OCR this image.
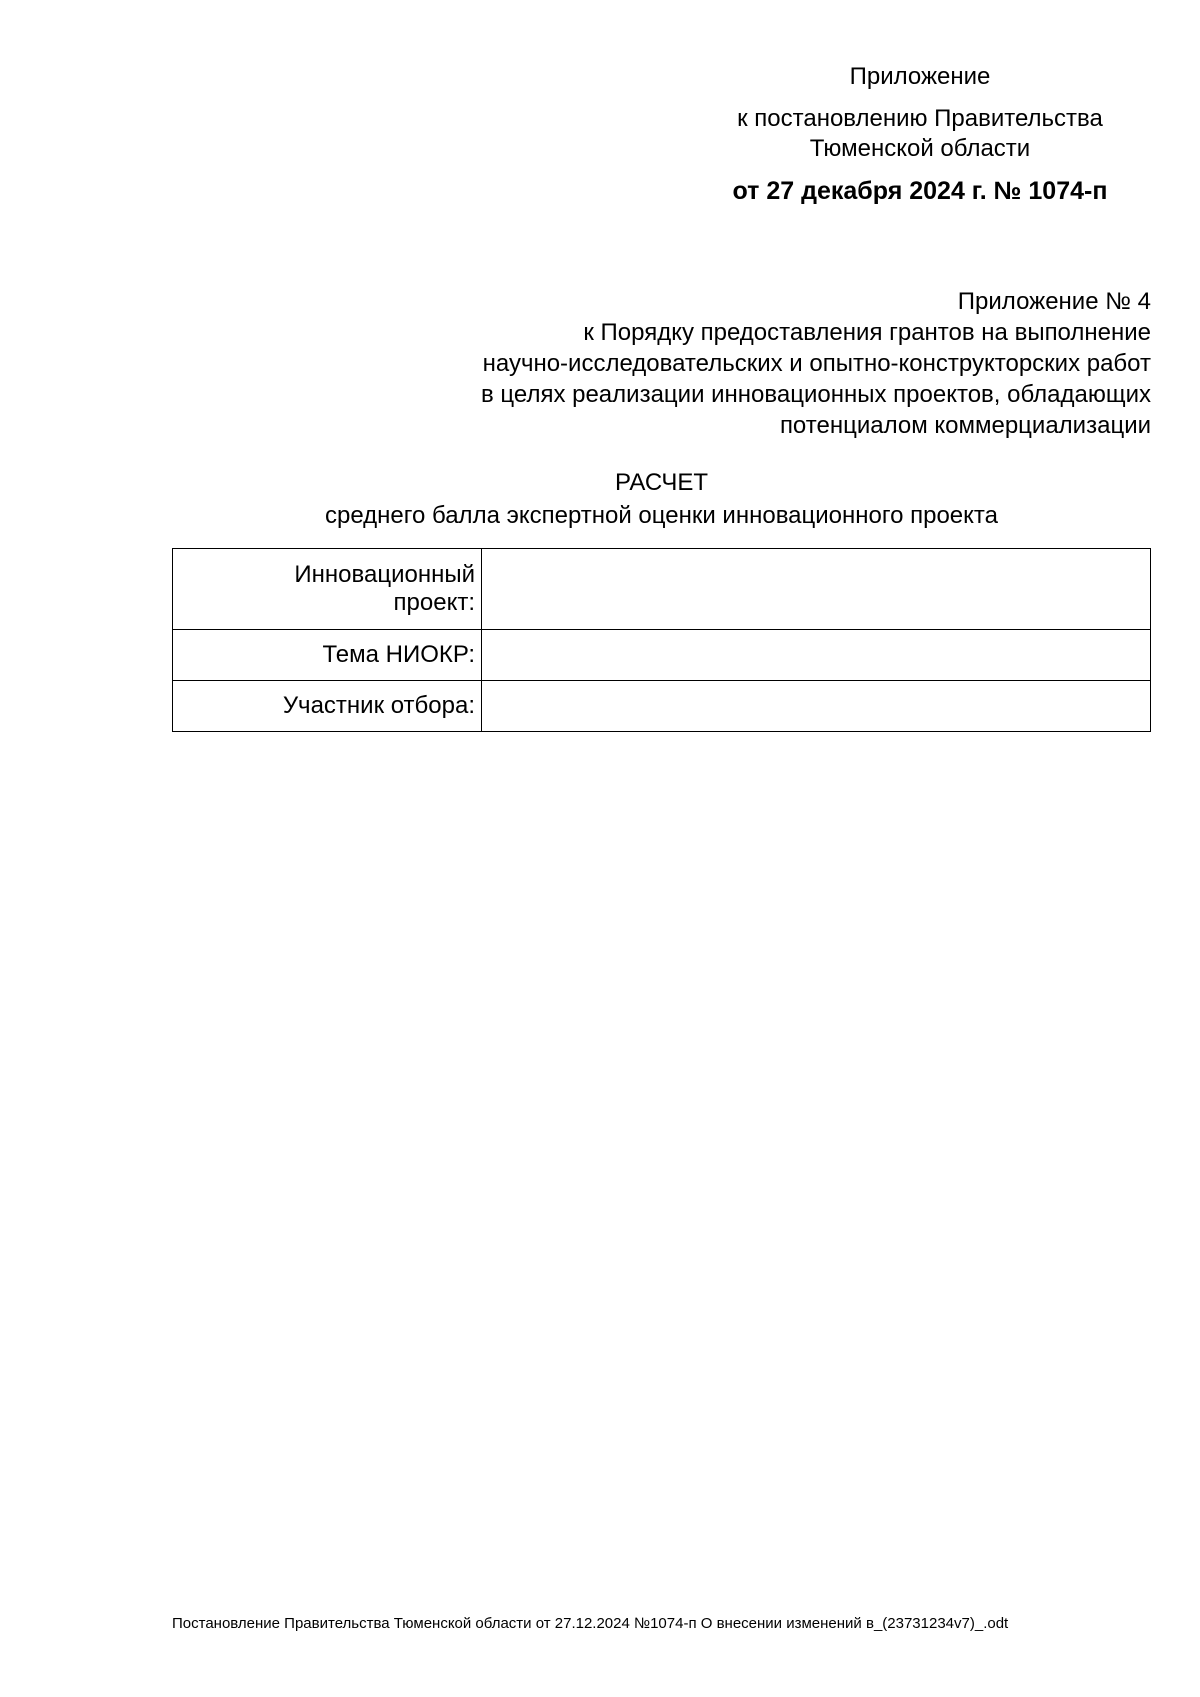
Приложение
к постановлению Правительства
Тюменской области
от 27 декабря 2024 г. № 1074-п
Приложение № 4
к Порядку предоставления грантов на выполнение
научно-исследовательских и опытно-конструкторских работ
в целях реализации инновационных проектов, обладающих
потенциалом коммерциализации
РАСЧЕТ
среднего балла экспертной оценки инновационного проекта
Инновационный
проект:	
Тема НИОКР:	
Участник отбора:	
Постановление Правительства Тюменской области от 27.12.2024 №1074-п О внесении изменений в_(23731234v7)_.odt
